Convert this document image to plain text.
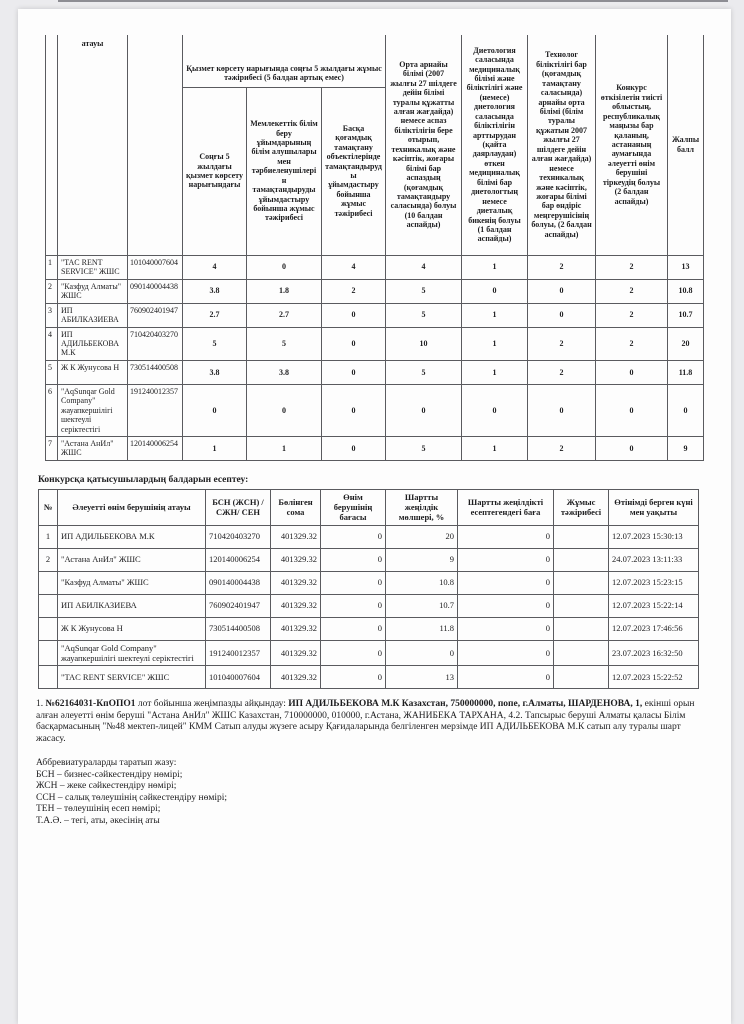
	атауы		Қызмет көрсету нарығында соңғы 5 жылдағы жұмыс тәжірибесі (5 балдан артық емес)	Орта арнайы білімі (2007 жылғы 27 шілдеге дейін білімі туралы құжатты алған жағдайда) немесе аспаз біліктілігін бере отырып, техникалық және кәсіптік, жоғары білімі бар аспаздың (қоғамдық тамақтандыру саласында) болуы (10 балдан аспайды)	Диетология саласында медициналық білімі және біліктілігі және (немесе) диетология саласында біліктілігін арттырудан (қайта даярлаудан) өткен медициналық білімі бар диетологтың немесе диеталық бикенің болуы (1 балдан аспайды)	Технолог біліктілігі бар (қоғамдық тамақтану саласында) арнайы орта білімі (білім туралы құжатын 2007 жылғы 27 шілдеге дейін алған жағдайда) немесе техникалық және кәсіптік, жоғары білімі бар өндіріс меңгерушісінің болуы, (2 балдан аспайды)	Конкурс өткізілетін тиісті облыстың, республикалық маңызы бар қаланың, астананың аумағында әлеуетті өнім берушіні тіркеудің болуы (2 балдан аспайды)	Жалпы балл
			Соңғы 5 жылдағы қызмет көрсету нарығындағы	Мемлекеттік білім беру ұйымдарының білім алушылары мен тәрбиеленушілерін тамақтандыруды ұйымдастыру бойынша жұмыс тәжірибесі	Басқа қоғамдық тамақтану объектілерінде тамақтандыруды ұйымдастыру бойынша жұмыс тәжірибесі					
1	"TAC RENT SERVICE" ЖШС	101040007604	4	0	4	4	1	2	2	13
2	"Казфуд Алматы" ЖШС	090140004438	3.8	1.8	2	5	0	0	2	10.8
3	ИП АБИЛКАЗИЕВА	760902401947	2.7	2.7	0	5	1	0	2	10.7
4	ИП АДИЛЬБЕКОВА М.К	710420403270	5	5	0	10	1	2	2	20
5	Ж К Жунусова Н	730514400508	3.8	3.8	0	5	1	2	0	11.8
6	"AqSunqar Gold Company" жауапкершілігі шектеулі серіктестігі	191240012357	0	0	0	0	0	0	0	0
7	"Астана АнИл" ЖШС	120140006254	1	1	0	5	1	2	0	9
Конкурсқа қатысушылардың балдарын есептеу:
№	Әлеуетті өнім берушінің атауы	БСН (ЖСН) / СЖН/ СЕН	Бөлінген сома	Өнім берушінің бағасы	Шартты жеңілдік мөлшері, %	Шартты жеңілдікті есептегендегі баға	Жұмыс тәжірибесі	Өтінімді берген күні мен уақыты
1	ИП АДИЛЬБЕКОВА М.К	710420403270	401329.32	0	20	0		12.07.2023 15:30:13
2	"Астана АнИл" ЖШС	120140006254	401329.32	0	9	0		24.07.2023 13:11:33
	"Казфуд Алматы" ЖШС	090140004438	401329.32	0	10.8	0		12.07.2023 15:23:15
	ИП АБИЛКАЗИЕВА	760902401947	401329.32	0	10.7	0		12.07.2023 15:22:14
	Ж К Жунусова Н	730514400508	401329.32	0	11.8	0		12.07.2023 17:46:56
	"AqSunqar Gold Company" жауапкершілігі шектеулі серіктестігі	191240012357	401329.32	0	0	0		23.07.2023 16:32:50
	"TAC RENT SERVICE" ЖШС	101040007604	401329.32	0	13	0		12.07.2023 15:22:52

1. №62164031-КпОПО1 лот бойынша жеңімпазды айқындау: ИП АДИЛЬБЕКОВА М.К Казахстан, 750000000, попе, г.Алматы, ШАРДЕНОВА, 1, екінші орын алған әлеуетті өнім беруші "Астана АнИл" ЖШС Казахстан, 710000000, 010000, г.Астана, ЖАНИБЕКА ТАРХАНА, 4.2. Тапсырыс беруші Алматы қаласы Білім басқармасының "№48 мектеп-лицей" КММ Сатып алуды жүзеге асыру Қағидаларында белгіленген мерзімде ИП АДИЛЬБЕКОВА М.К сатып алу туралы шарт жасасу.

Аббревиатураларды таратып жазу:
БСН – бизнес-сәйкестендіру нөмірі;
ЖСН – жеке сәйкестендіру нөмірі;
ССН – салық төлеушінің сәйкестендіру нөмірі;
ТЕН – төлеушінің есеп нөмірі;
Т.А.Ә. – тегі, аты, әкесінің аты
